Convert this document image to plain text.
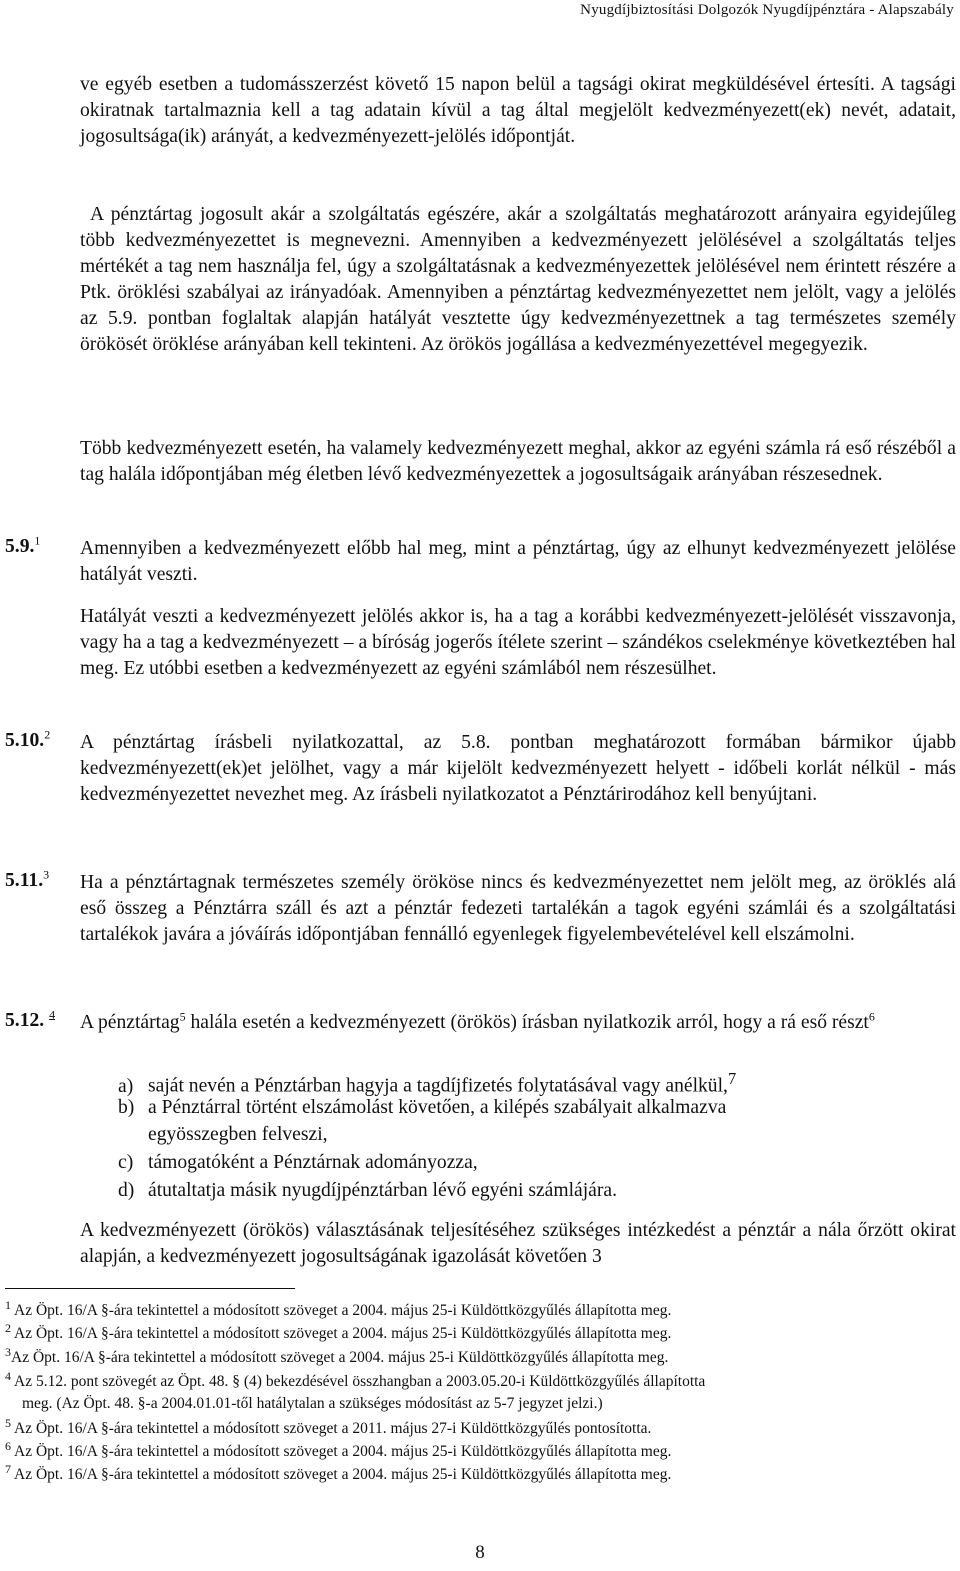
Nyugdíjbiztosítási Dolgozók Nyugdíjpénztára - Alapszabály

ve egyéb esetben a tudomásszerzést követő 15 napon belül a tagsági okirat megküldésével értesíti. A tagsági okiratnak tartalmaznia kell a tag adatain kívül a tag által megjelölt kedvezményezett(ek) nevét, adatait, jogosultsága(ik) arányát, a kedvezményezett-jelölés időpontját.

A pénztártag jogosult akár a szolgáltatás egészére, akár a szolgáltatás meghatározott arányaira egyidejűleg több kedvezményezettet is megnevezni. Amennyiben a kedvezményezett jelölésével a szolgáltatás teljes mértékét a tag nem használja fel, úgy a szolgáltatásnak a kedvezményezettek jelölésével nem érintett részére a Ptk. öröklési szabályai az irányadóak. Amennyiben a pénztártag kedvezményezettet nem jelölt, vagy a jelölés az 5.9. pontban foglaltak alapján hatályát vesztette úgy kedvezményezettnek a tag természetes személy örökösét öröklése arányában kell tekinteni. Az örökös jogállása a kedvezményezettével megegyezik.

Több kedvezményezett esetén, ha valamely kedvezményezett meghal, akkor az egyéni számla rá eső részéből a tag halála időpontjában még életben lévő kedvezményezettek a jogosultságaik arányában részesednek.

5.9.$^1$ Amennyiben a kedvezményezett előbb hal meg, mint a pénztártag, úgy az elhunyt kedvezményezett jelölése hatályát veszti.

Hatályát veszti a kedvezményezett jelölés akkor is, ha a tag a korábbi kedvezményezett-jelölését visszavonja, vagy ha a tag a kedvezményezett – a bíróság jogerős ítélete szerint – szándékos cselekménye következtében hal meg. Ez utóbbi esetben a kedvezményezett az egyéni számlából nem részesülhet.

5.10.$^2$ A pénztártag írásbeli nyilatkozattal, az 5.8. pontban meghatározott formában bármikor újabb kedvezményezett(ek)et jelölhet, vagy a már kijelölt kedvezményezett helyett - időbeli korlát nélkül - más kedvezményezettet nevezhet meg. Az írásbeli nyilatkozatot a Pénztárirodához kell benyújtani.

5.11.$^3$ Ha a pénztártagnak természetes személy örököse nincs és kedvezményezettet nem jelölt meg, az öröklés alá eső összeg a Pénztárra száll és azt a pénztár fedezeti tartalékán a tagok egyéni számlái és a szolgáltatási tartalékok javára a jóváírás időpontjában fennálló egyenlegek figyelembevételével kell elszámolni.

5.12. $^4$ A pénztártag$^5$ halála esetén a kedvezményezett (örökös) írásban nyilatkozik arról, hogy a rá eső részt$^6$

a) saját nevén a Pénztárban hagyja a tagdíjfizetés folytatásával vagy anélkül,$^7$
b) a Pénztárral történt elszámolást követően, a kilépés szabályait alkalmazva
egyösszegben felveszi,
c) támogatóként a Pénztárnak adományozza,
d) átutaltatja másik nyugdíjpénztárban lévő egyéni számlájára.

A kedvezményezett (örökös) választásának teljesítéséhez szükséges intézkedést a pénztár a nála őrzött okirat alapján, a kedvezményezett jogosultságának igazolását követően 3

$^1$ Az Öpt. 16/A §-ára tekintettel a módosított szöveget a 2004. május 25-i Küldöttközgyűlés állapította meg.
$^2$ Az Öpt. 16/A §-ára tekintettel a módosított szöveget a 2004. május 25-i Küldöttközgyűlés állapította meg.
$^3$Az Öpt. 16/A §-ára tekintettel a módosított szöveget a 2004. május 25-i Küldöttközgyűlés állapította meg.
$^4$ Az 5.12. pont szövegét az Öpt. 48. § (4) bekezdésével összhangban a 2003.05.20-i Küldöttközgyűlés állapította
meg. (Az Öpt. 48. §-a 2004.01.01-től hatálytalan a szükséges módosítást az 5-7 jegyzet jelzi.)
$^5$ Az Öpt. 16/A §-ára tekintettel a módosított szöveget a 2011. május 27-i Küldöttközgyűlés pontosította.
$^6$ Az Öpt. 16/A §-ára tekintettel a módosított szöveget a 2004. május 25-i Küldöttközgyűlés állapította meg.
$^7$ Az Öpt. 16/A §-ára tekintettel a módosított szöveget a 2004. május 25-i Küldöttközgyűlés állapította meg.
8
